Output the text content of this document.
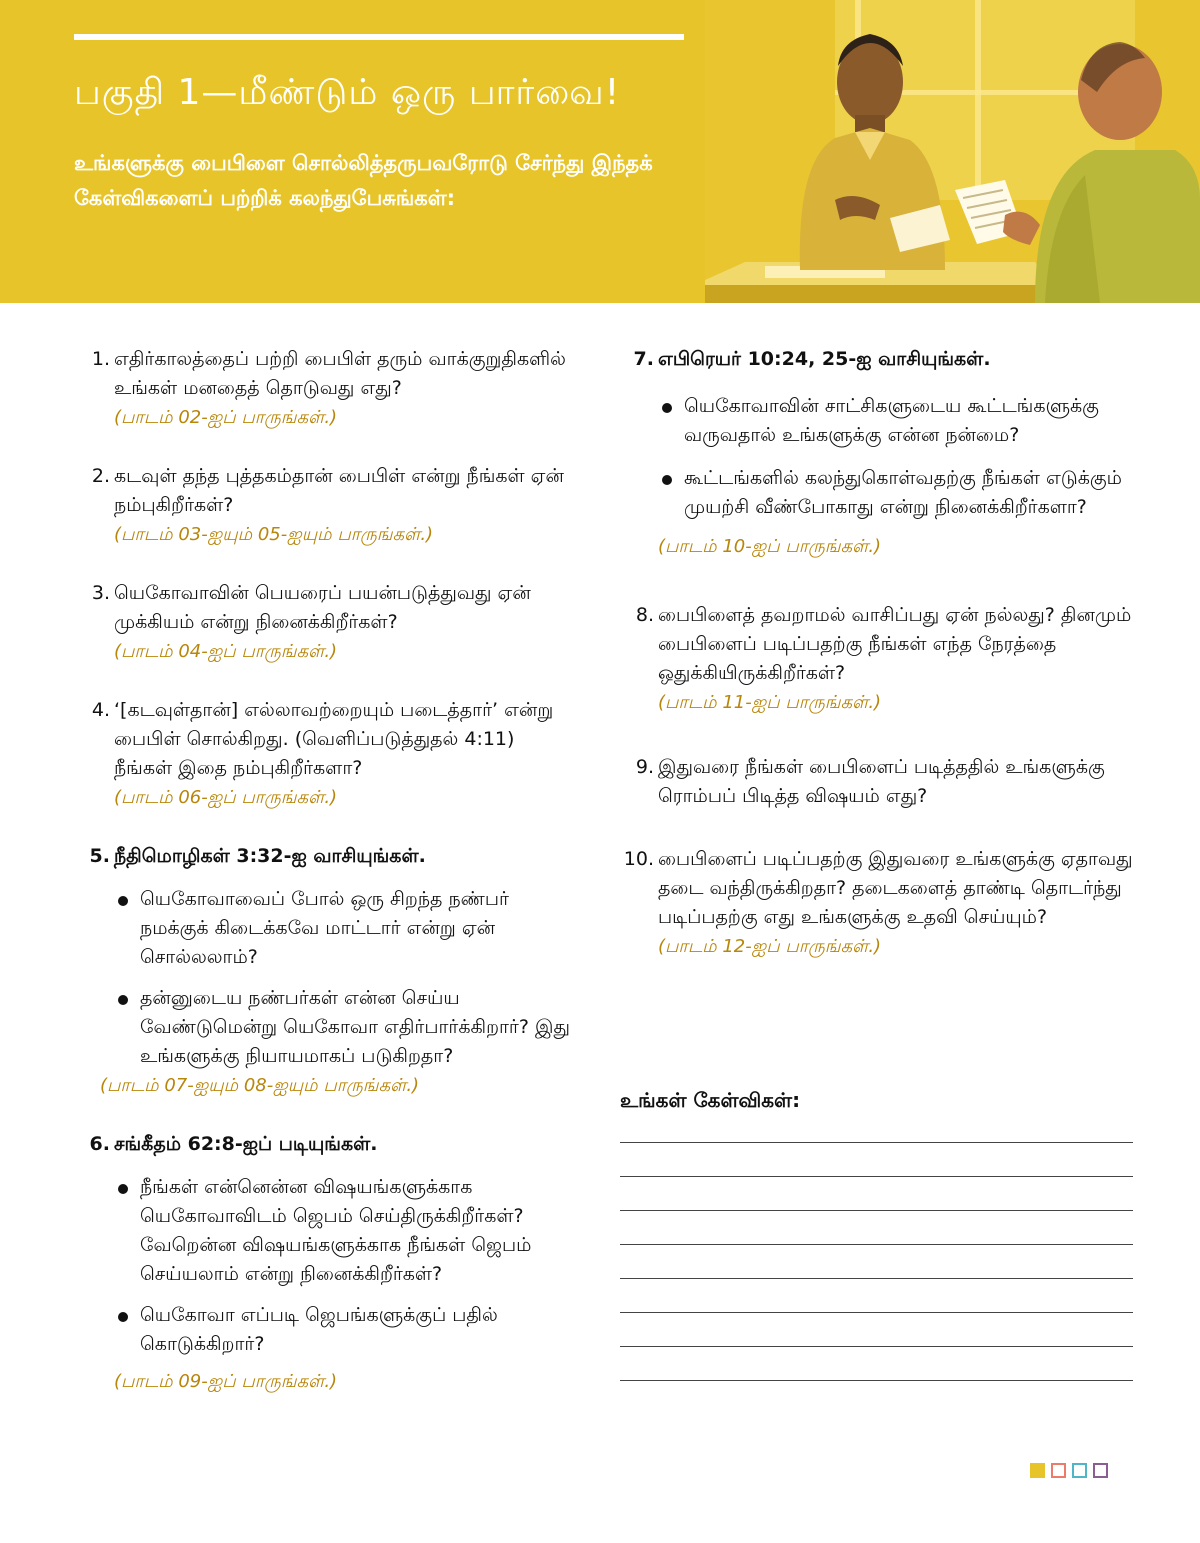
பகுதி 1—மீண்டும் ஒரு பார்வை!

உங்களுக்கு பைபிளை சொல்லித்தருபவரோடு சேர்ந்து இந்தக் கேள்விகளைப் பற்றிக் கலந்துபேசுங்கள்:

1. எதிர்காலத்தைப் பற்றி பைபிள் தரும் வாக்குறுதிகளில் உங்கள் மனதைத் தொடுவது எது?
(பாடம் 02-ஐப் பாருங்கள்.)
2. கடவுள் தந்த புத்தகம்தான் பைபிள் என்று நீங்கள் ஏன் நம்புகிறீர்கள்?
(பாடம் 03-ஐயும் 05-ஐயும் பாருங்கள்.)
3. யெகோவாவின் பெயரைப் பயன்படுத்துவது ஏன் முக்கியம் என்று நினைக்கிறீர்கள்?
(பாடம் 04-ஐப் பாருங்கள்.)
4. ‘[கடவுள்தான்] எல்லாவற்றையும் படைத்தார்’ என்று பைபிள் சொல்கிறது. (வெளிப்படுத்துதல் 4:11) நீங்கள் இதை நம்புகிறீர்களா?
(பாடம் 06-ஐப் பாருங்கள்.)
5. நீதிமொழிகள் 3:32-ஐ வாசியுங்கள்.
யெகோவாவைப் போல் ஒரு சிறந்த நண்பர் நமக்குக் கிடைக்கவே மாட்டார் என்று ஏன் சொல்லலாம்?
தன்னுடைய நண்பர்கள் என்ன செய்ய வேண்டுமென்று யெகோவா எதிர்பார்க்கிறார்? இது உங்களுக்கு நியாயமாகப் படுகிறதா?
(பாடம் 07-ஐயும் 08-ஐயும் பாருங்கள்.)
6. சங்கீதம் 62:8-ஐப் படியுங்கள்.
நீங்கள் என்னென்ன விஷயங்களுக்காக யெகோவாவிடம் ஜெபம் செய்திருக்கிறீர்கள்? வேறென்ன விஷயங்களுக்காக நீங்கள் ஜெபம் செய்யலாம் என்று நினைக்கிறீர்கள்?
யெகோவா எப்படி ஜெபங்களுக்குப் பதில் கொடுக்கிறார்?
(பாடம் 09-ஐப் பாருங்கள்.)
7. எபிரெயர் 10:24, 25-ஐ வாசியுங்கள்.
யெகோவாவின் சாட்சிகளுடைய கூட்டங்களுக்கு வருவதால் உங்களுக்கு என்ன நன்மை?
கூட்டங்களில் கலந்துகொள்வதற்கு நீங்கள் எடுக்கும் முயற்சி வீண்போகாது என்று நினைக்கிறீர்களா?
(பாடம் 10-ஐப் பாருங்கள்.)
8. பைபிளைத் தவறாமல் வாசிப்பது ஏன் நல்லது? தினமும் பைபிளைப் படிப்பதற்கு நீங்கள் எந்த நேரத்தை ஒதுக்கியிருக்கிறீர்கள்?
(பாடம் 11-ஐப் பாருங்கள்.)
9. இதுவரை நீங்கள் பைபிளைப் படித்ததில் உங்களுக்கு ரொம்பப் பிடித்த விஷயம் எது?
10. பைபிளைப் படிப்பதற்கு இதுவரை உங்களுக்கு ஏதாவது தடை வந்திருக்கிறதா? தடைகளைத் தாண்டி தொடர்ந்து படிப்பதற்கு எது உங்களுக்கு உதவி செய்யும்?
(பாடம் 12-ஐப் பாருங்கள்.)
உங்கள் கேள்விகள்:
